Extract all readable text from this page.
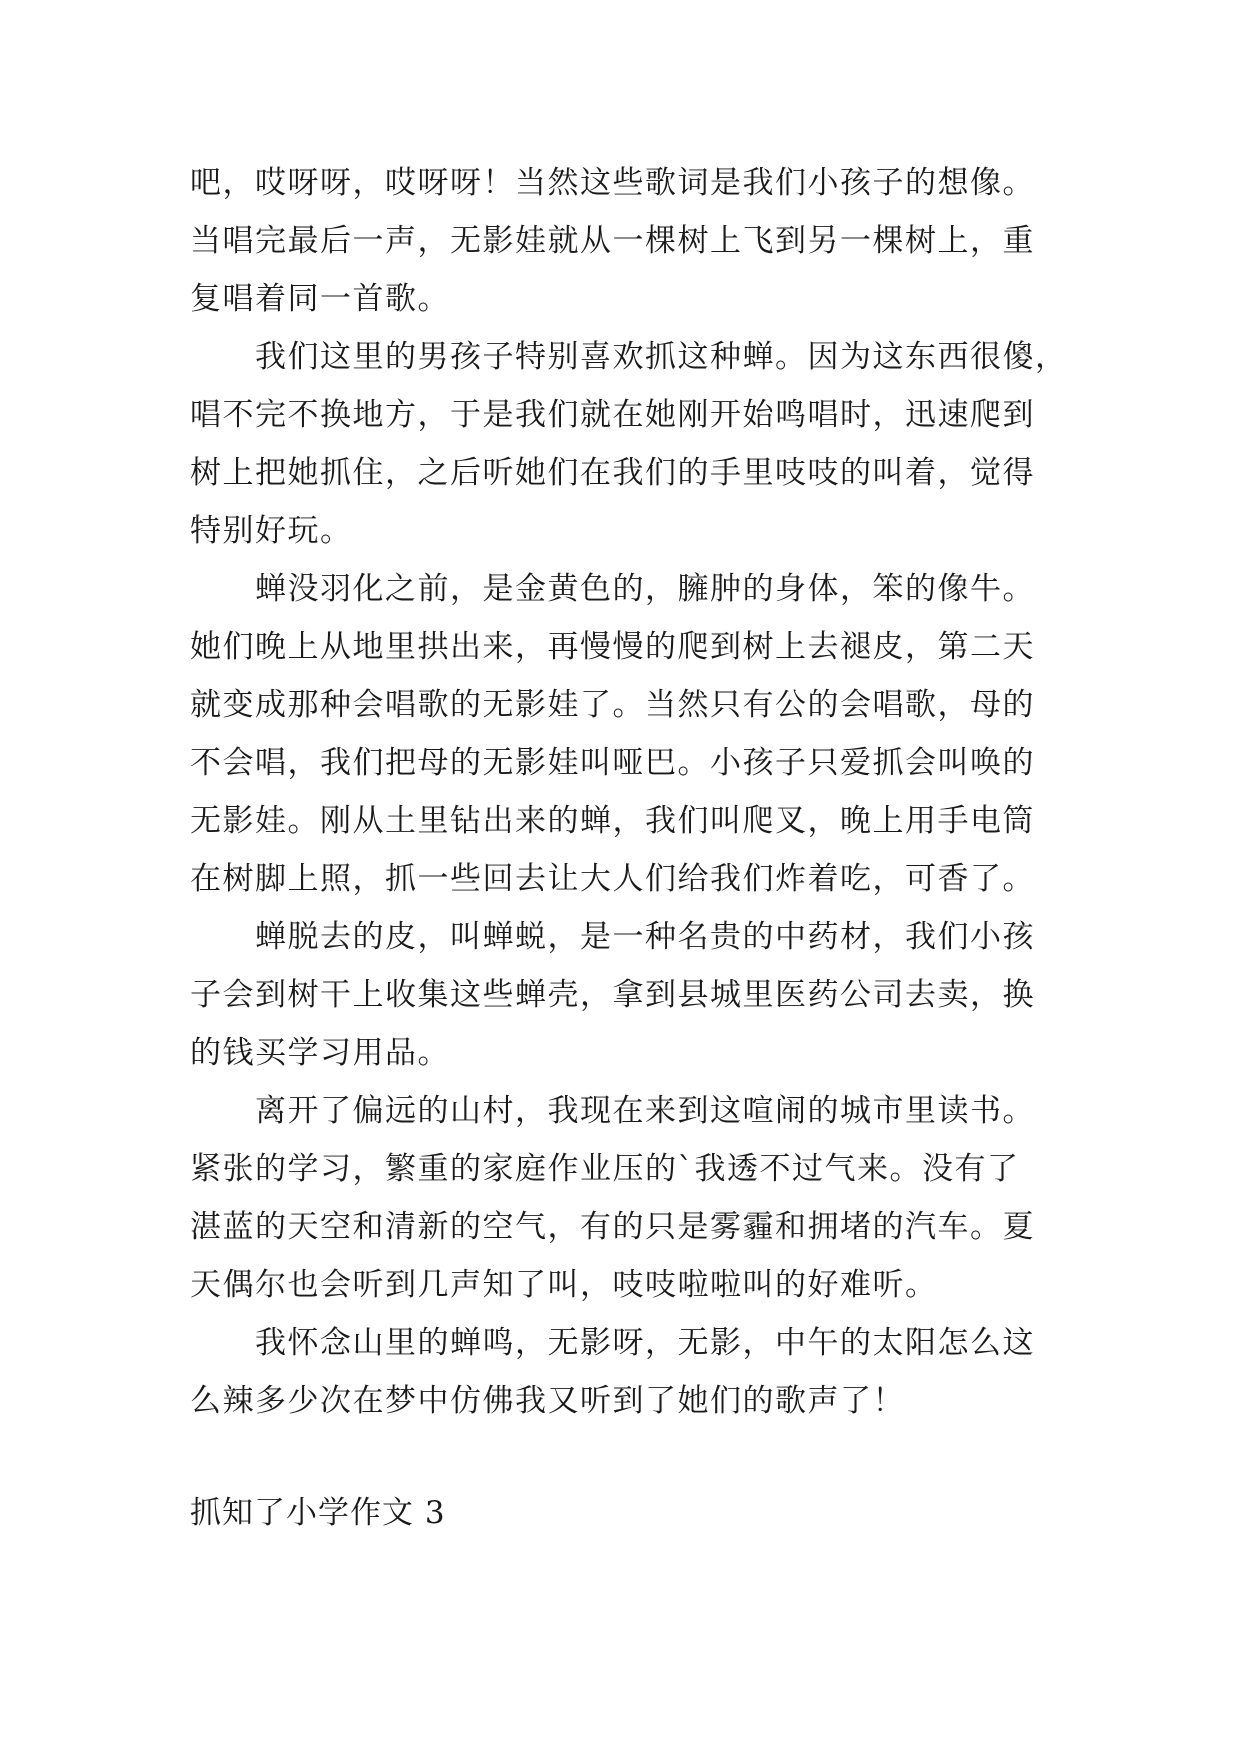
吧，哎呀呀，哎呀呀！当然这些歌词是我们小孩子的想像。
当唱完最后一声，无影娃就从一棵树上飞到另一棵树上，重
复唱着同一首歌。
　　我们这里的男孩子特别喜欢抓这种蝉。因为这东西很傻，
唱不完不换地方，于是我们就在她刚开始鸣唱时，迅速爬到
树上把她抓住，之后听她们在我们的手里吱吱的叫着，觉得
特别好玩。
　　蝉没羽化之前，是金黄色的，臃肿的身体，笨的像牛。
她们晚上从地里拱出来，再慢慢的爬到树上去褪皮，第二天
就变成那种会唱歌的无影娃了。当然只有公的会唱歌，母的
不会唱，我们把母的无影娃叫哑巴。小孩子只爱抓会叫唤的
无影娃。刚从土里钻出来的蝉，我们叫爬叉，晚上用手电筒
在树脚上照，抓一些回去让大人们给我们炸着吃，可香了。
　　蝉脱去的皮，叫蝉蜕，是一种名贵的中药材，我们小孩
子会到树干上收集这些蝉壳，拿到县城里医药公司去卖，换
的钱买学习用品。
　　离开了偏远的山村，我现在来到这喧闹的城市里读书。
紧张的学习，繁重的家庭作业压的`我透不过气来。没有了
湛蓝的天空和清新的空气，有的只是雾霾和拥堵的汽车。夏
天偶尔也会听到几声知了叫，吱吱啦啦叫的好难听。
　　我怀念山里的蝉鸣，无影呀，无影，中午的太阳怎么这
么辣多少次在梦中仿佛我又听到了她们的歌声了！
抓知了小学作文 3
